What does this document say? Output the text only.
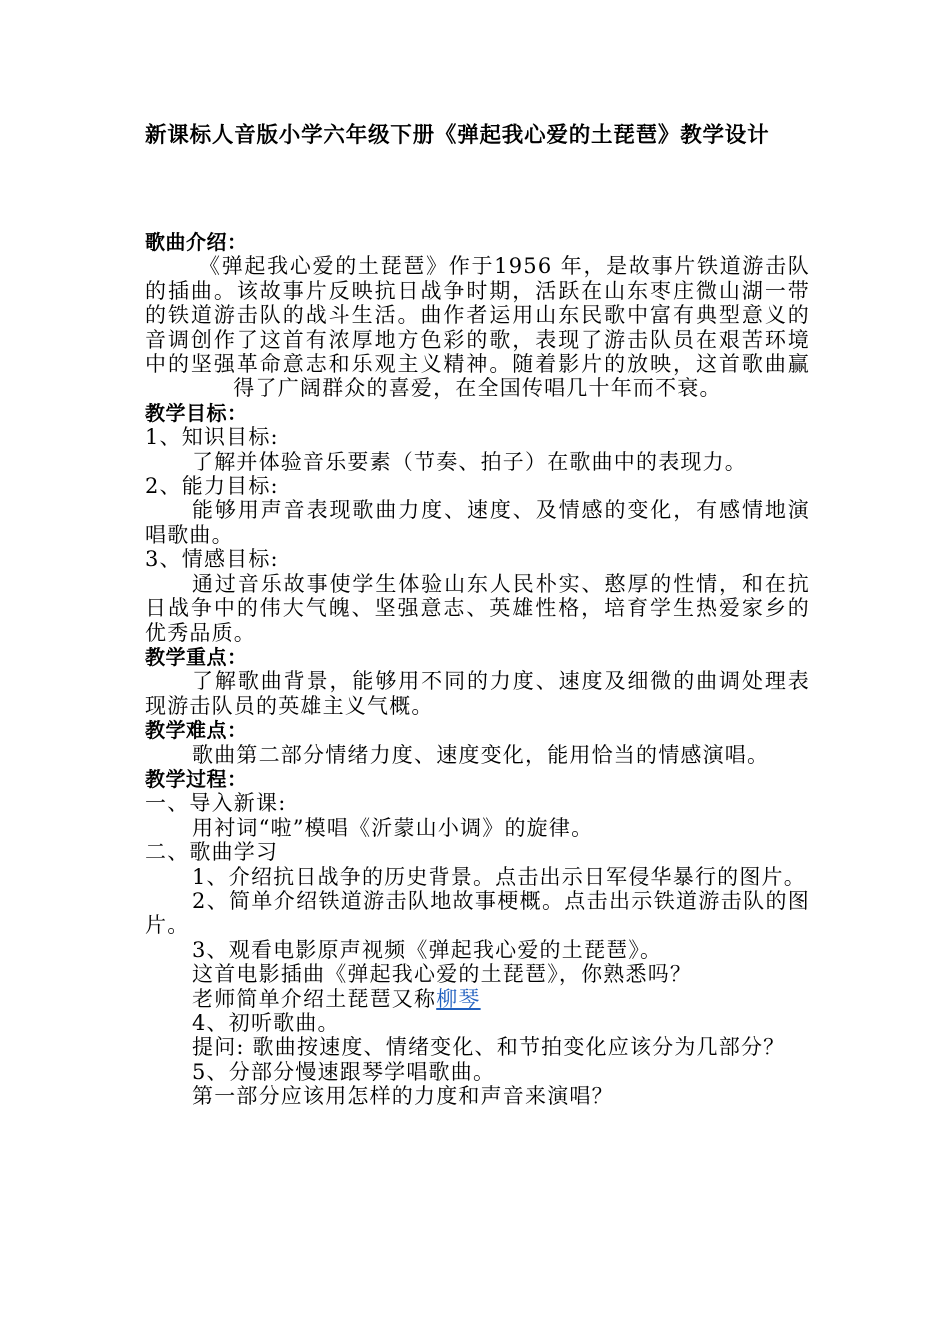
新课标人音版小学六年级下册《弹起我心爱的土琵琶》教学设计

歌曲介绍：

《弹起我心爱的土琵琶》作于1956 年，是故事片铁道游击队的插曲。该故事片反映抗日战争时期，活跃在山东枣庄微山湖一带的铁道游击队的战斗生活。曲作者运用山东民歌中富有典型意义的音调创作了这首有浓厚地方色彩的歌，表现了游击队员在艰苦环境中的坚强革命意志和乐观主义精神。随着影片的放映，这首歌曲赢得了广阔群众的喜爱，在全国传唱几十年而不衰。

教学目标：

1、知识目标:

了解并体验音乐要素（节奏、拍子）在歌曲中的表现力。

2、能力目标:

能够用声音表现歌曲力度、速度、及情感的变化，有感情地演唱歌曲。

3、情感目标:

通过音乐故事使学生体验山东人民朴实、憨厚的性情，和在抗日战争中的伟大气魄、坚强意志、英雄性格，培育学生热爱家乡的优秀品质。

教学重点：

了解歌曲背景，能够用不同的力度、速度及细微的曲调处理表现游击队员的英雄主义气概。

教学难点：

歌曲第二部分情绪力度、速度变化，能用恰当的情感演唱。

教学过程：

一、导入新课:

用衬词“啦”模唱《沂蒙山小调》的旋律。

二、歌曲学习

1、介绍抗日战争的历史背景。点击出示日军侵华暴行的图片。

2、简单介绍铁道游击队地故事梗概。点击出示铁道游击队的图片。

3、观看电影原声视频《弹起我心爱的土琵琶》。

这首电影插曲《弹起我心爱的土琵琶》，你熟悉吗？

老师简单介绍土琵琶又称柳琴

4、初听歌曲。

提问: 歌曲按速度、情绪变化、和节拍变化应该分为几部分？

5、分部分慢速跟琴学唱歌曲。

第一部分应该用怎样的力度和声音来演唱？
